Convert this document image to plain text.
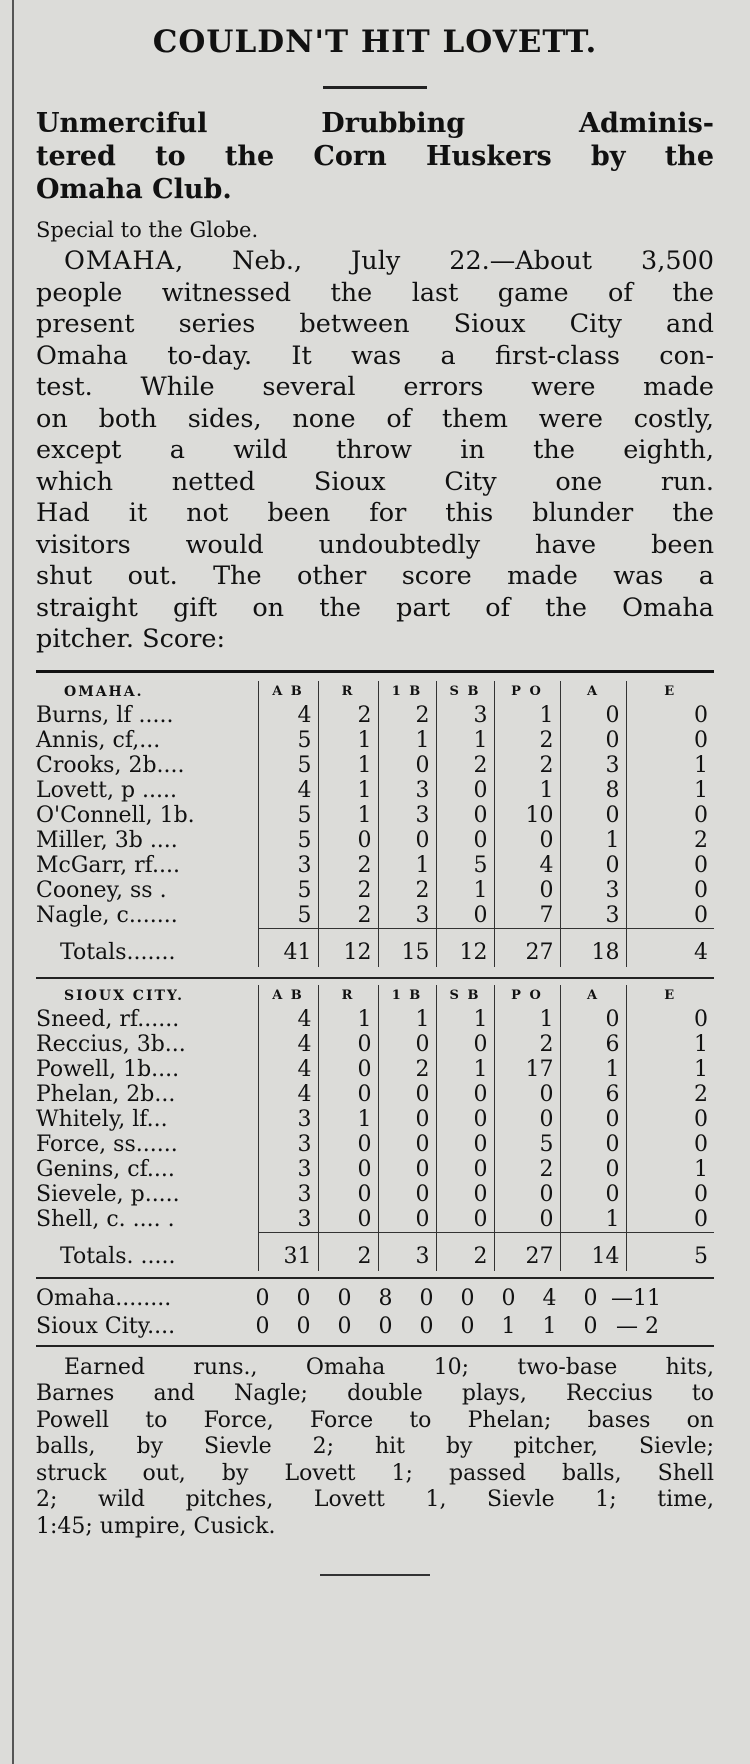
COULDN'T HIT LOVETT.
Unmerciful Drubbing Adminis-
tered to the Corn Huskers by the
Omaha Club.
Special to the Globe.
OMAHA, Neb., July 22.—About 3,500
people witnessed the last game of the
present series between Sioux City and
Omaha to-day. It was a first-class con-
test. While several errors were made
on both sides, none of them were costly,
except a wild throw in the eighth,
which netted Sioux City one run.
Had it not been for this blunder the
visitors would undoubtedly have been
shut out. The other score made was a
straight gift on the part of the Omaha
pitcher. Score:
OMAHA.	A B	R	1 B	S B	P O	A	E
Burns, lf .....	4	2	2	3	1	0	0
Annis, cf,...	5	1	1	1	2	0	0
Crooks, 2b....	5	1	0	2	2	3	1
Lovett, p .....	4	1	3	0	1	8	1
O'Connell, 1b.	5	1	3	0	10	0	0
Miller, 3b ....	5	0	0	0	0	1	2
McGarr, rf....	3	2	1	5	4	0	0
Cooney, ss .	5	2	2	1	0	3	0
Nagle, c.......	5	2	3	0	7	3	0
Totals.......	41	12	15	12	27	18	4
SIOUX CITY.	A B	R	1 B	S B	P O	A	E
Sneed, rf......	4	1	1	1	1	0	0
Reccius, 3b...	4	0	0	0	2	6	1
Powell, 1b....	4	0	2	1	17	1	1
Phelan, 2b...	4	0	0	0	0	6	2
Whitely, lf...	3	1	0	0	0	0	0
Force, ss......	3	0	0	0	5	0	0
Genins, cf....	3	0	0	0	2	0	1
Sievele, p.....	3	0	0	0	0	0	0
Shell, c. .... .	3	0	0	0	0	1	0
Totals. .....	31	2	3	2	27	14	5
Omaha........	0	0	0	8	0	0	0	4	0 —11
Sioux City....	0	0	0	0	0	0	1	1	0 — 2
Earned runs., Omaha 10; two-base hits,
Barnes and Nagle; double plays, Reccius to
Powell to Force, Force to Phelan; bases on
balls, by Sievle 2; hit by pitcher, Sievle;
struck out, by Lovett 1; passed balls, Shell
2; wild pitches, Lovett 1, Sievle 1; time,
1:45; umpire, Cusick.
